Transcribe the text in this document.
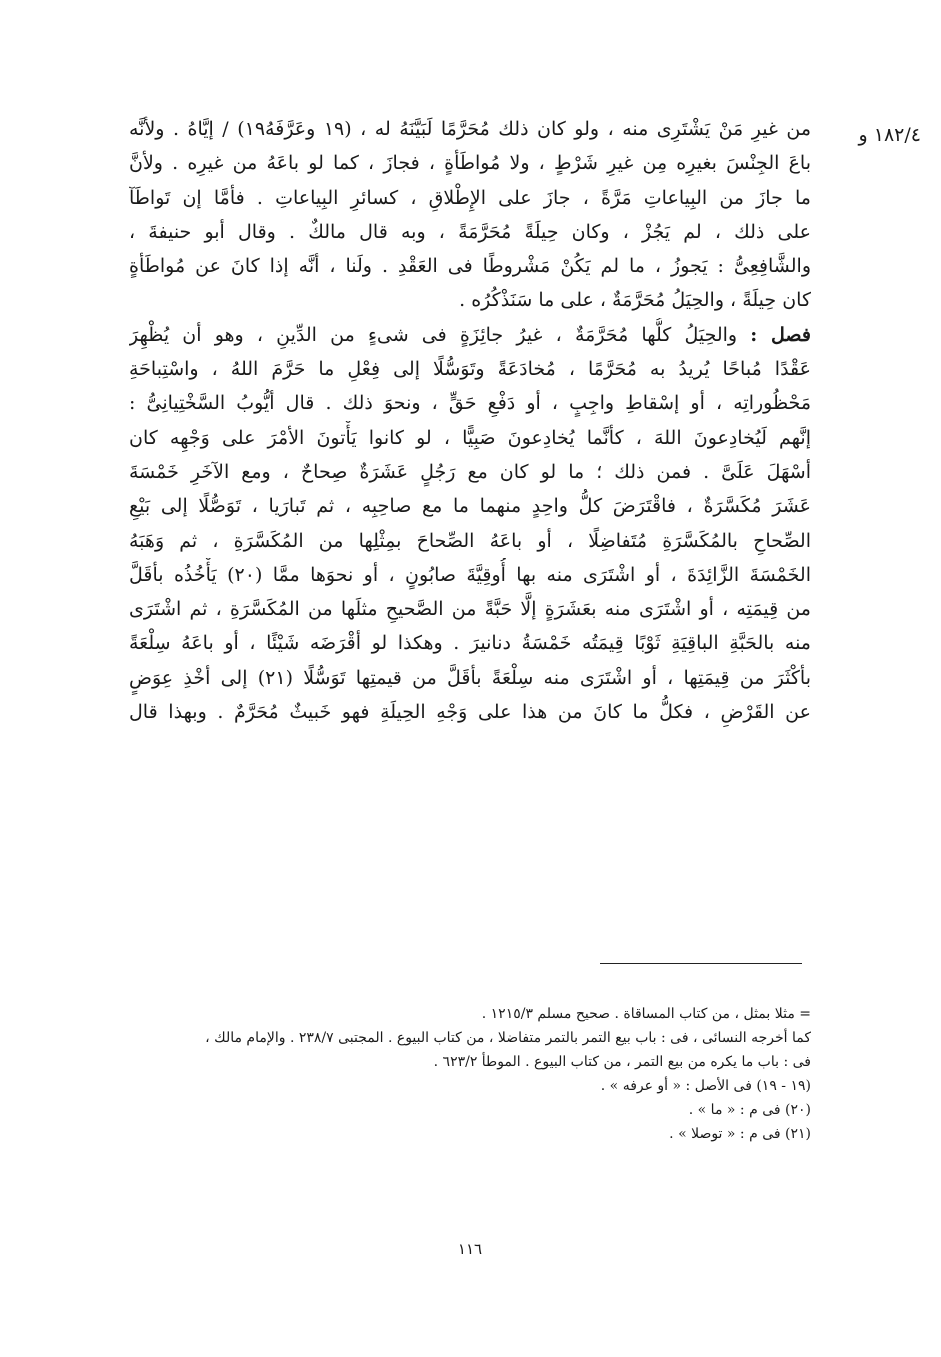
١٨٢/٤ و

من غيرِ مَنْ يَشْتَرِى منه ، ولو كان ذلك مُحَرَّمًا لَبَيَّنَهُ له ، (١٩ وعَرَّفَهُ١٩) / إيَّاهُ . ولأنَّه
باعَ الجِنْسَ بغيرِه مِن غيرِ شَرْطٍ ، ولا مُواطَأةٍ ، فجازَ ، كما لو باعَهُ من غيرِه . ولأنَّ
ما جازَ من البِياعاتِ مَرَّةً ، جازَ على الإِطْلاقِ ، كسائرِ البِياعاتِ . فأمَّا إن تَواطَآ
على ذلك ، لم يَجُزْ ، وكان حِيلَةً مُحَرَّمَةً ، وبه قال مالكٌ . وقال أبو حنيفةَ ،
والشَّافِعِىُّ : يَجوزُ ، ما لم يَكُنْ مَشْروطًا فى العَقْدِ . ولَنا ، أنَّه إذا كانَ عن مُواطَأةٍ
كان حِيلَةً ، والحِيَلُ مُحَرَّمَةٌ ، على ما سَنَذْكُرُه .

فصل : والحِيَلُ كلُّها مُحَرَّمَةٌ ، غيرُ جائِزَةٍ فى شىءٍ من الدِّينِ ، وهو أن يُظْهِرَ
عَقْدًا مُباحًا يُريدُ به مُحَرَّمًا ، مُخادَعَةً وتَوَسُّلًا إلى فِعْلِ ما حَرَّمَ اللهُ ، واسْتِباحَةِ
مَحْظُوراتِه ، أو إسْقاطِ واجِبٍ ، أو دَفْعِ حَقٍّ ، ونحوَ ذلك . قال أيُّوبُ السَّخْتِيانِىُّ :
إنَّهم لَيُخادِعونَ اللهَ ، كأنَّما يُخادِعونَ صَبِيًّا ، لو كانوا يَأْتونَ الأمْرَ على وَجْهِه كان
أسْهَلَ عَلَىَّ . فمن ذلك ؛ ما لو كان مع رَجُلٍ عَشَرَةٌ صِحاحٌ ، ومع الآخَرِ خَمْسَةَ
عَشَرَ مُكَسَّرَةٌ ، فاقْتَرَضَ كلُّ واحِدٍ منهما ما مع صاحِبِه ، ثم تَبارَيا ، تَوَصُّلًا إلى بَيْعِ
الصِّحاحِ بالمُكَسَّرَةِ مُتَفاضِلًا ، أو باعَهُ الصِّحاحَ بمِثْلِها من المُكَسَّرَةِ ، ثم وَهَبَهُ
الخَمْسَةَ الزَّائِدَةَ ، أو اشْتَرَى منه بها أُوقِيَّةَ صابُونٍ ، أو نحوَها ممَّا (٢٠) يَأْخُذُه بأقَلَّ
من قِيمَتِه ، أو اشْتَرَى منه بعَشَرَةٍ إلَّا حَبَّةً من الصَّحيحِ مثلَها من المُكَسَّرَةِ ، ثم اشْتَرَى
منه بالحَبَّةِ الباقِيَةِ ثَوْبًا قِيمَتُه خَمْسَةُ دنانيرَ . وهكذا لو أقْرَضَه شَيْئًا ، أو باعَهُ سِلْعَةً
بأكْثَرَ من قِيمَتِها ، أو اشْتَرَى منه سِلْعَةً بأقَلَّ من قيمتِها تَوَسُّلًا (٢١) إلى أخْذِ عِوَضٍ
عن القَرْضِ ، فكلُّ ما كانَ من هذا على وَجْهِ الحِيلَةِ فهو خَبيثٌ مُحَرَّمٌ . وبهذا قال

= مثلا بمثل ، من كتاب المساقاة . صحيح مسلم ١٢١٥/٣ .
كما أخرجه النسائى ، فى : باب بيع التمر بالتمر متفاضلا ، من كتاب البيوع . المجتبى ٢٣٨/٧ . والإمام مالك ،
فى : باب ما يكره من بيع التمر ، من كتاب البيوع . الموطأ ٦٢٣/٢ .
(١٩ - ١٩) فى الأصل : « أو عرفه » .
(٢٠) فى م : « ما » .
(٢١) فى م : « توصلا » .
١١٦
